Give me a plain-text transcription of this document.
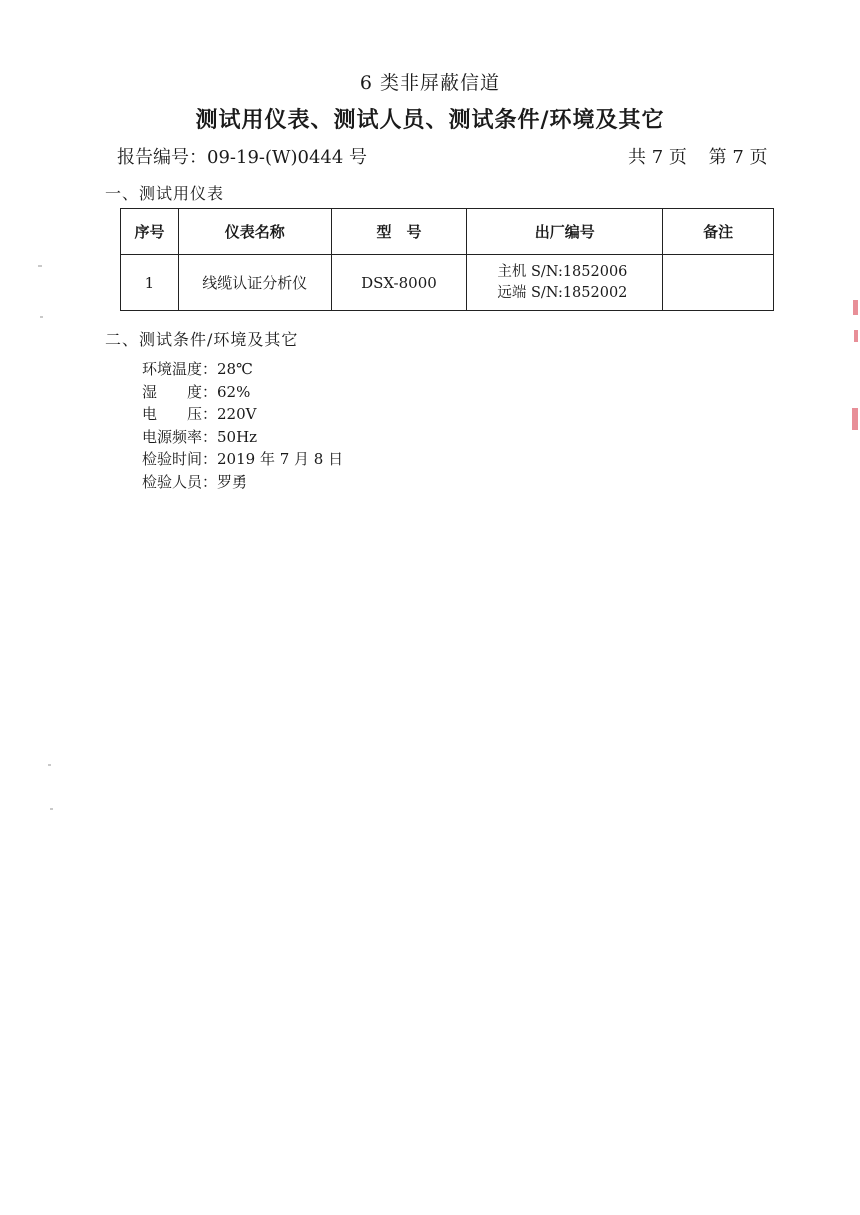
6 类非屏蔽信道
测试用仪表、测试人员、测试条件/环境及其它
报告编号：09-19-(W)0444 号	共 7 页 第 7 页
一、测试用仪表
序号	仪表名称	型　号	出厂编号	备注
1	线缆认证分析仪	DSX-8000	主机 S/N:1852006
远端 S/N:1852002	

二、测试条件/环境及其它
环境温度：28℃
湿　　度：62%
电　　压：220V
电源频率：50Hz
检验时间：2019 年 7 月 8 日
检验人员：罗勇
